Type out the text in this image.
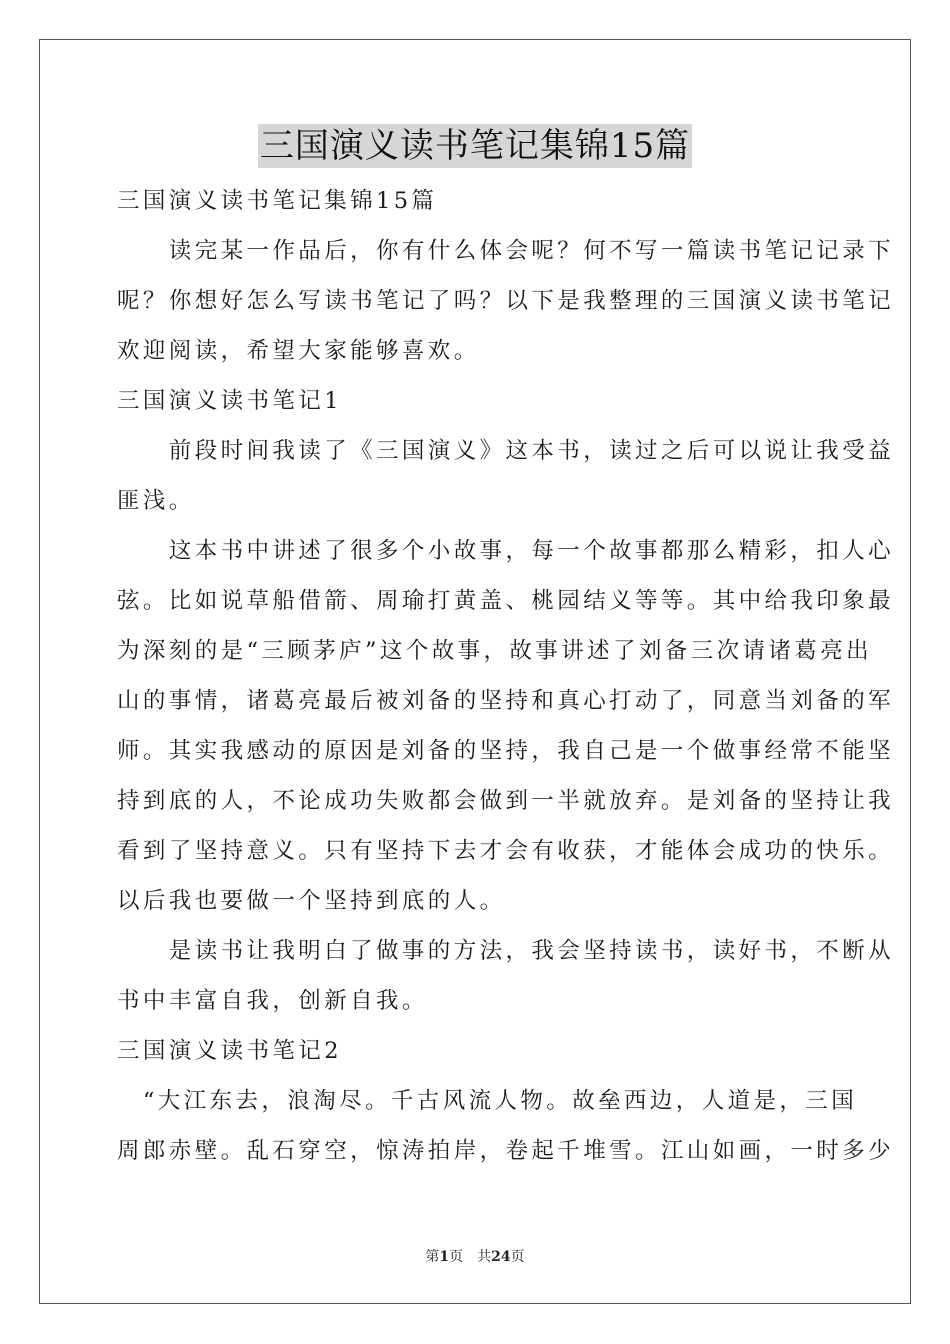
三国演义读书笔记集锦15篇
三国演义读书笔记集锦15篇
　　读完某一作品后，你有什么体会呢？何不写一篇读书笔记记录下
呢？你想好怎么写读书笔记了吗？以下是我整理的三国演义读书笔记
欢迎阅读，希望大家能够喜欢。
三国演义读书笔记1
　　前段时间我读了《三国演义》这本书，读过之后可以说让我受益
匪浅。
　　这本书中讲述了很多个小故事，每一个故事都那么精彩，扣人心
弦。比如说草船借箭、周瑜打黄盖、桃园结义等等。其中给我印象最
为深刻的是“三顾茅庐”这个故事，故事讲述了刘备三次请诸葛亮出
山的事情，诸葛亮最后被刘备的坚持和真心打动了，同意当刘备的军
师。其实我感动的原因是刘备的坚持，我自己是一个做事经常不能坚
持到底的人，不论成功失败都会做到一半就放弃。是刘备的坚持让我
看到了坚持意义。只有坚持下去才会有收获，才能体会成功的快乐。
以后我也要做一个坚持到底的人。
　　是读书让我明白了做事的方法，我会坚持读书，读好书，不断从
书中丰富自我，创新自我。
三国演义读书笔记2
　“大江东去，浪淘尽。千古风流人物。故垒西边，人道是，三国
周郎赤壁。乱石穿空，惊涛拍岸，卷起千堆雪。江山如画，一时多少
第1页　共24页
